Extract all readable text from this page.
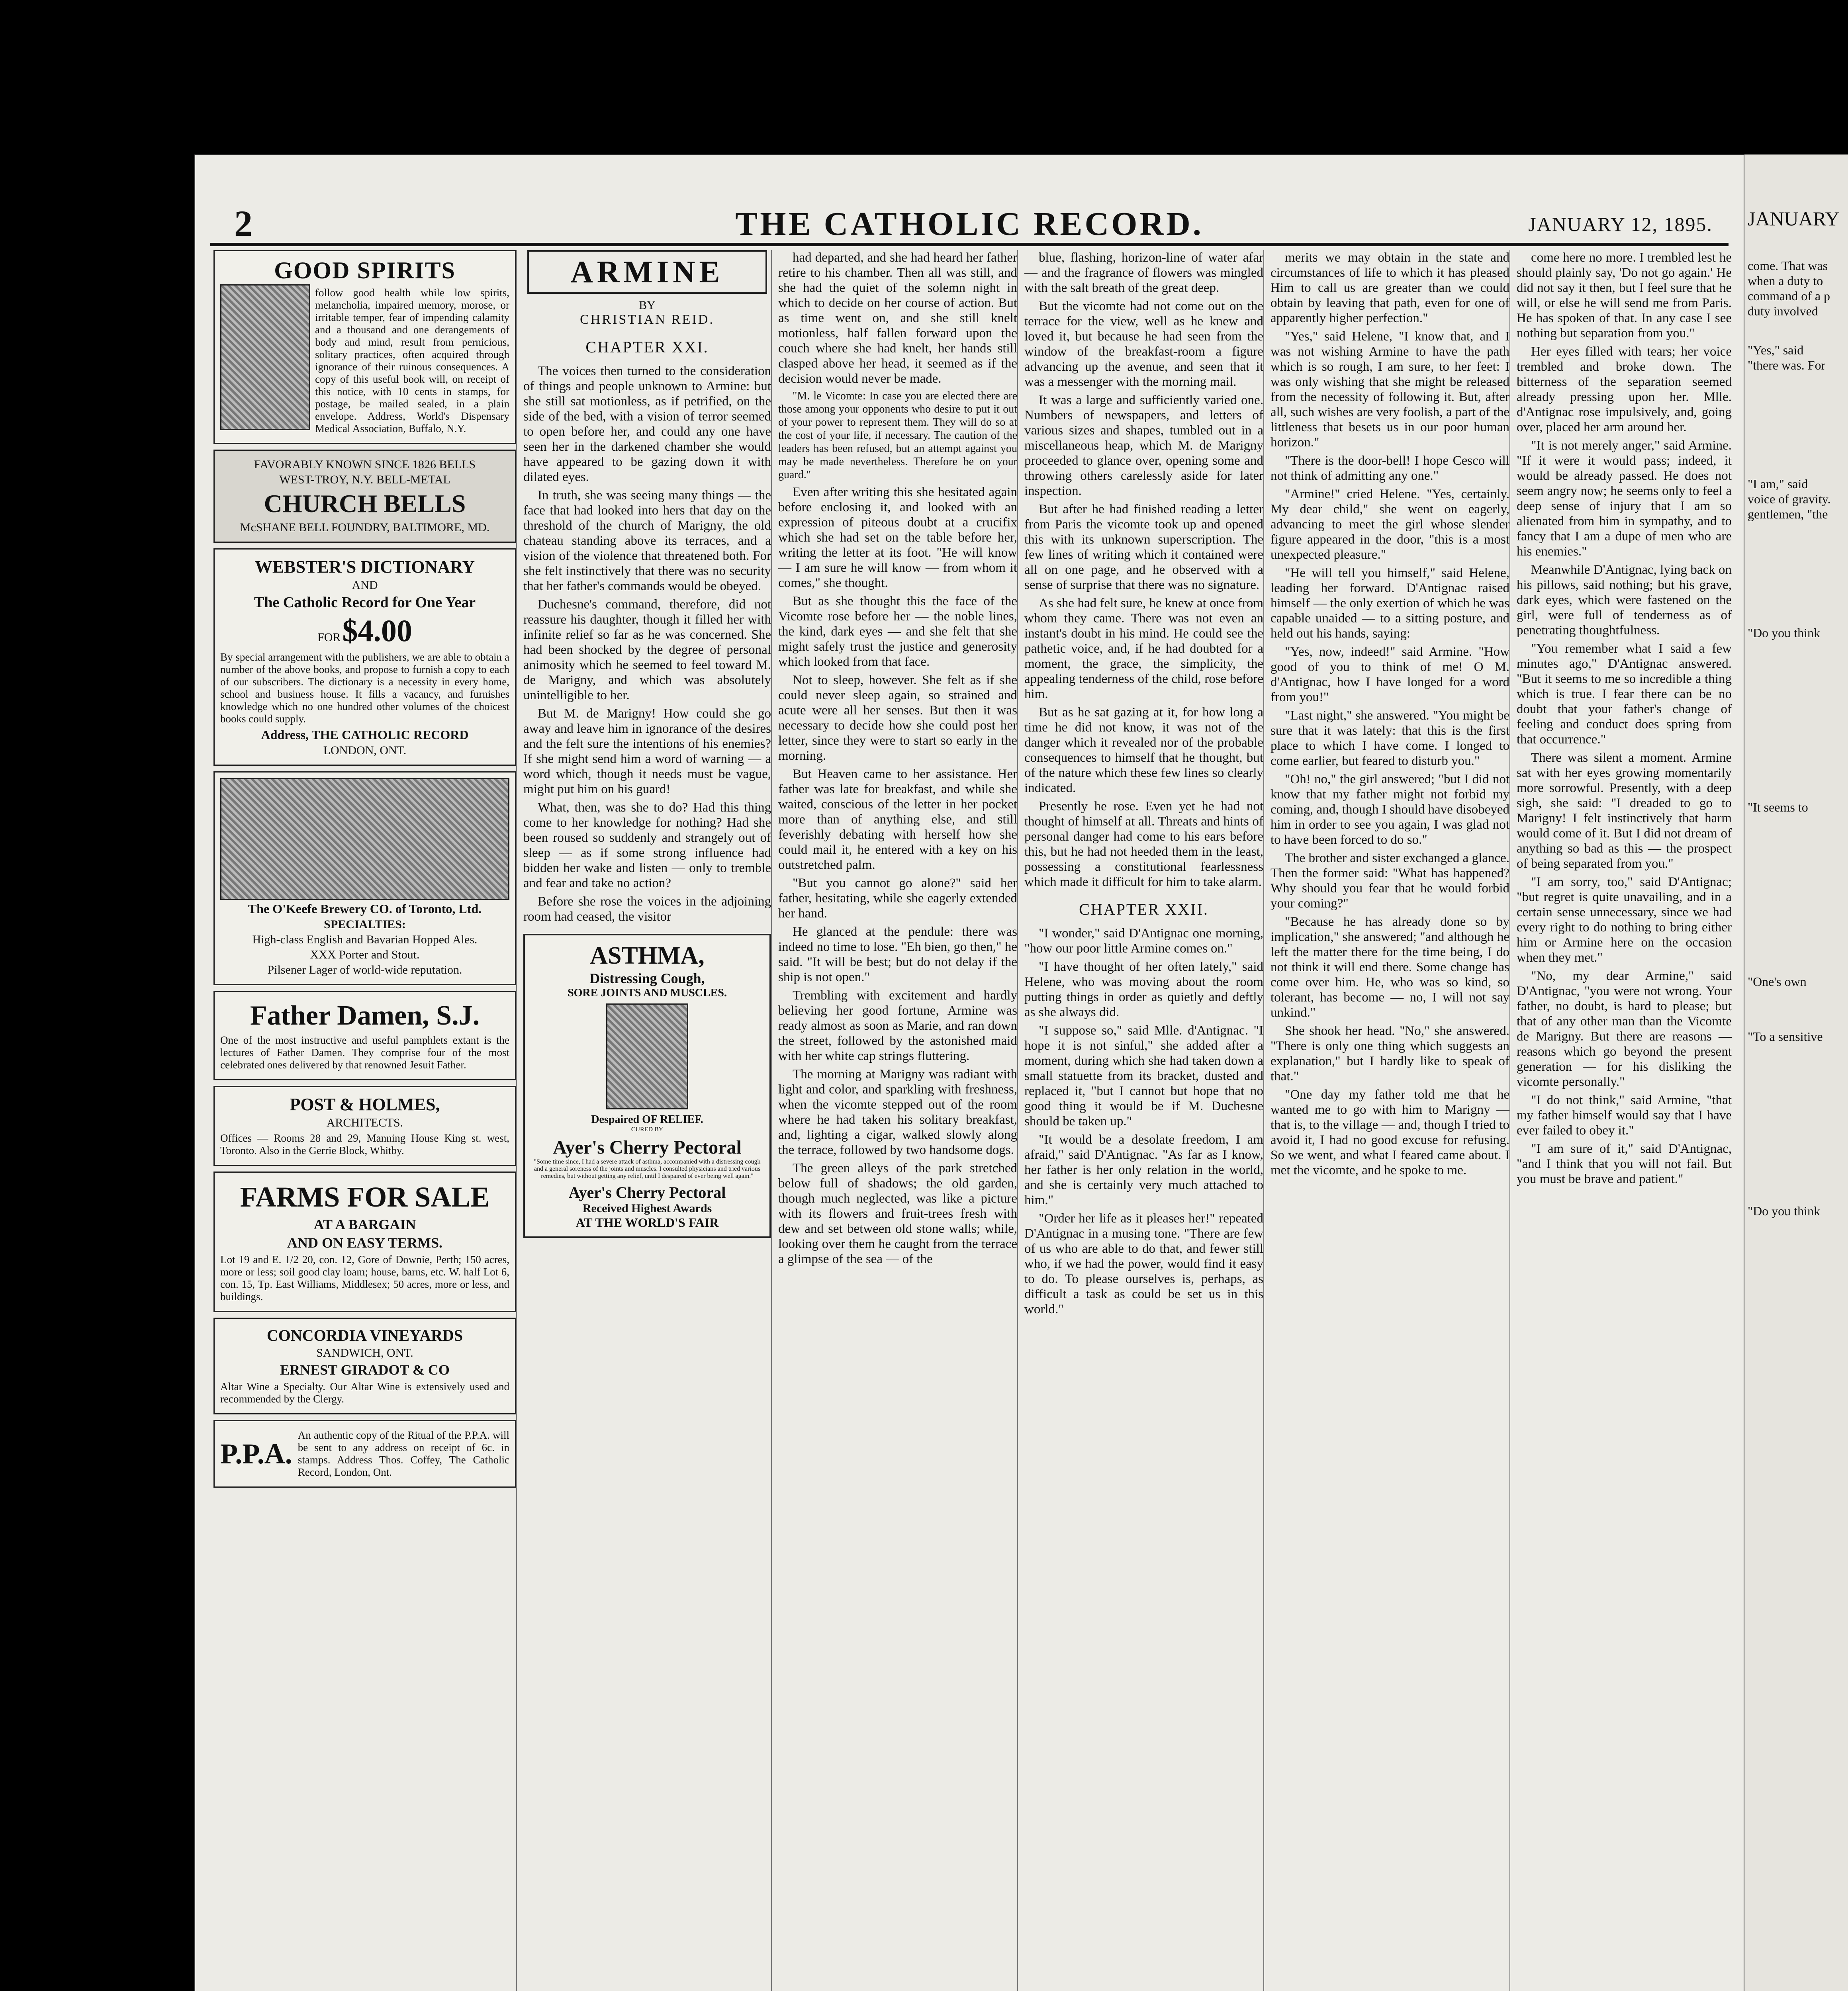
2	THE CATHOLIC RECORD.	JANUARY 12, 1895.
GOOD SPIRITS
follow good health while low spirits, melancholia, impaired memory, morose, or irritable temper, fear of impending calamity and a thousand and one derangements of body and mind, result from pernicious, solitary practices, often acquired through ignorance of their ruinous consequences. A copy of this useful book will, on receipt of this notice, with 10 cents in stamps, for postage, be mailed sealed, in a plain envelope. Address, World's Dispensary Medical Association, Buffalo, N.Y.
FAVORABLY KNOWN SINCE 1826 BELLS
WEST-TROY, N.Y. BELL-METAL
CHURCH BELLS
McSHANE BELL FOUNDRY, BALTIMORE, MD.
WEBSTER'S DICTIONARY
AND
The Catholic Record for One Year
FOR $4.00
By special arrangement with the publishers, we are able to obtain a number of the above books, and propose to furnish a copy to each of our subscribers. The dictionary is a necessity in every home, school and business house. It fills a vacancy, and furnishes knowledge which no one hundred other volumes of the choicest books could supply.
Address, THE CATHOLIC RECORD
LONDON, ONT.
The O'Keefe Brewery CO. of Toronto, Ltd.
SPECIALTIES:
High-class English and Bavarian Hopped Ales.
XXX Porter and Stout.
Pilsener Lager of world-wide reputation.
Father Damen, S.J.
One of the most instructive and useful pamphlets extant is the lectures of Father Damen. They comprise four of the most celebrated ones delivered by that renowned Jesuit Father.
POST & HOLMES,
ARCHITECTS.
Offices — Rooms 28 and 29, Manning House King st. west, Toronto. Also in the Gerrie Block, Whitby.
FARMS FOR SALE
AT A BARGAIN
AND ON EASY TERMS.
Lot 19 and E. 1/2 20, con. 12, Gore of Downie, Perth; 150 acres, more or less; soil good clay loam; house, barns, etc. W. half Lot 6, con. 15, Tp. East Williams, Middlesex; 50 acres, more or less, and buildings.
CONCORDIA VINEYARDS
SANDWICH, ONT.
ERNEST GIRADOT & CO
Altar Wine a Specialty. Our Altar Wine is extensively used and recommended by the Clergy.
P.P.A.
An authentic copy of the Ritual of the P.P.A. will be sent to any address on receipt of 6c. in stamps. Address Thos. Coffey, The Catholic Record, London, Ont.
ARMINE
BY
CHRISTIAN REID.
CHAPTER XXI.

The voices then turned to the consideration of things and people unknown to Armine: but she still sat motionless, as if petrified, on the side of the bed, with a vision of terror seemed to open before her, and could any one have seen her in the darkened chamber she would have appeared to be gazing down it with dilated eyes.

In truth, she was seeing many things — the face that had looked into hers that day on the threshold of the church of Marigny, the old chateau standing above its terraces, and a vision of the violence that threatened both. For she felt instinctively that there was no security that her father's commands would be obeyed.

Duchesne's command, therefore, did not reassure his daughter, though it filled her with infinite relief so far as he was concerned. She had been shocked by the degree of personal animosity which he seemed to feel toward M. de Marigny, and which was absolutely unintelligible to her.

But M. de Marigny! How could she go away and leave him in ignorance of the desires and the felt sure the intentions of his enemies? If she might send him a word of warning — a word which, though it needs must be vague, might put him on his guard!

What, then, was she to do? Had this thing come to her knowledge for nothing? Had she been roused so suddenly and strangely out of sleep — as if some strong influence had bidden her wake and listen — only to tremble and fear and take no action?

Before she rose the voices in the adjoining room had ceased, the visitor

ASTHMA,
Distressing Cough,
SORE JOINTS AND MUSCLES.
Despaired OF RELIEF.
CURED BY
Ayer's Cherry Pectoral
"Some time since, I had a severe attack of asthma, accompanied with a distressing cough and a general soreness of the joints and muscles. I consulted physicians and tried various remedies, but without getting any relief, until I despaired of ever being well again."
Ayer's Cherry Pectoral
Received Highest Awards
AT THE WORLD'S FAIR

had departed, and she had heard her father retire to his chamber. Then all was still, and she had the quiet of the solemn night in which to decide on her course of action. But as time went on, and she still knelt motionless, half fallen forward upon the couch where she had knelt, her hands still clasped above her head, it seemed as if the decision would never be made.

"M. le Vicomte: In case you are elected there are those among your opponents who desire to put it out of your power to represent them. They will do so at the cost of your life, if necessary. The caution of the leaders has been refused, but an attempt against you may be made nevertheless. Therefore be on your guard."

Even after writing this she hesitated again before enclosing it, and looked with an expression of piteous doubt at a crucifix which she had set on the table before her, writing the letter at its foot. "He will know — I am sure he will know — from whom it comes," she thought.

But as she thought this the face of the Vicomte rose before her — the noble lines, the kind, dark eyes — and she felt that she might safely trust the justice and generosity which looked from that face.

Not to sleep, however. She felt as if she could never sleep again, so strained and acute were all her senses. But then it was necessary to decide how she could post her letter, since they were to start so early in the morning.

But Heaven came to her assistance. Her father was late for breakfast, and while she waited, conscious of the letter in her pocket more than of anything else, and still feverishly debating with herself how she could mail it, he entered with a key on his outstretched palm.

"But you cannot go alone?" said her father, hesitating, while she eagerly extended her hand.

He glanced at the pendule: there was indeed no time to lose. "Eh bien, go then," he said. "It will be best; but do not delay if the ship is not open."

Trembling with excitement and hardly believing her good fortune, Armine was ready almost as soon as Marie, and ran down the street, followed by the astonished maid with her white cap strings fluttering.

The morning at Marigny was radiant with light and color, and sparkling with freshness, when the vicomte stepped out of the room where he had taken his solitary breakfast, and, lighting a cigar, walked slowly along the terrace, followed by two handsome dogs.

The green alleys of the park stretched below full of shadows; the old garden, though much neglected, was like a picture with its flowers and fruit-trees fresh with dew and set between old stone walls; while, looking over them he caught from the terrace a glimpse of the sea — of the

blue, flashing, horizon-line of water afar — and the fragrance of flowers was mingled with the salt breath of the great deep.

But the vicomte had not come out on the terrace for the view, well as he knew and loved it, but because he had seen from the window of the breakfast-room a figure advancing up the avenue, and seen that it was a messenger with the morning mail.

It was a large and sufficiently varied one. Numbers of newspapers, and letters of various sizes and shapes, tumbled out in a miscellaneous heap, which M. de Marigny proceeded to glance over, opening some and throwing others carelessly aside for later inspection.

But after he had finished reading a letter from Paris the vicomte took up and opened this with its unknown superscription. The few lines of writing which it contained were all on one page, and he observed with a sense of surprise that there was no signature.

As she had felt sure, he knew at once from whom they came. There was not even an instant's doubt in his mind. He could see the pathetic voice, and, if he had doubted for a moment, the grace, the simplicity, the appealing tenderness of the child, rose before him.

But as he sat gazing at it, for how long a time he did not know, it was not of the danger which it revealed nor of the probable consequences to himself that he thought, but of the nature which these few lines so clearly indicated.

Presently he rose. Even yet he had not thought of himself at all. Threats and hints of personal danger had come to his ears before this, but he had not heeded them in the least, possessing a constitutional fearlessness which made it difficult for him to take alarm.

CHAPTER XXII.

"I wonder," said D'Antignac one morning, "how our poor little Armine comes on."

"I have thought of her often lately," said Helene, who was moving about the room putting things in order as quietly and deftly as she always did.

"I suppose so," said Mlle. d'Antignac. "I hope it is not sinful," she added after a moment, during which she had taken down a small statuette from its bracket, dusted and replaced it, "but I cannot but hope that no good thing it would be if M. Duchesne should be taken up."

"It would be a desolate freedom, I am afraid," said D'Antignac. "As far as I know, her father is her only relation in the world, and she is certainly very much attached to him."

"Order her life as it pleases her!" repeated D'Antignac in a musing tone. "There are few of us who are able to do that, and fewer still who, if we had the power, would find it easy to do. To please ourselves is, perhaps, as difficult a task as could be set us in this world."

merits we may obtain in the state and circumstances of life to which it has pleased Him to call us are greater than we could obtain by leaving that path, even for one of apparently higher perfection."

"Yes," said Helene, "I know that, and I was not wishing Armine to have the path which is so rough, I am sure, to her feet: I was only wishing that she might be released from the necessity of following it. But, after all, such wishes are very foolish, a part of the littleness that besets us in our poor human horizon."

"There is the door-bell! I hope Cesco will not think of admitting any one."

"Armine!" cried Helene. "Yes, certainly. My dear child," she went on eagerly, advancing to meet the girl whose slender figure appeared in the door, "this is a most unexpected pleasure."

"He will tell you himself," said Helene, leading her forward. D'Antignac raised himself — the only exertion of which he was capable unaided — to a sitting posture, and held out his hands, saying:

"Yes, now, indeed!" said Armine. "How good of you to think of me! O M. d'Antignac, how I have longed for a word from you!"

"Last night," she answered. "You might be sure that it was lately: that this is the first place to which I have come. I longed to come earlier, but feared to disturb you."

"Oh! no," the girl answered; "but I did not know that my father might not forbid my coming, and, though I should have disobeyed him in order to see you again, I was glad not to have been forced to do so."

The brother and sister exchanged a glance. Then the former said: "What has happened? Why should you fear that he would forbid your coming?"

"Because he has already done so by implication," she answered; "and although he left the matter there for the time being, I do not think it will end there. Some change has come over him. He, who was so kind, so tolerant, has become — no, I will not say unkind."

She shook her head. "No," she answered. "There is only one thing which suggests an explanation," but I hardly like to speak of that."

"One day my father told me that he wanted me to go with him to Marigny — that is, to the village — and, though I tried to avoid it, I had no good excuse for refusing. So we went, and what I feared came about. I met the vicomte, and he spoke to me.

come here no more. I trembled lest he should plainly say, 'Do not go again.' He did not say it then, but I feel sure that he will, or else he will send me from Paris. He has spoken of that. In any case I see nothing but separation from you."

Her eyes filled with tears; her voice trembled and broke down. The bitterness of the separation seemed already pressing upon her. Mlle. d'Antignac rose impulsively, and, going over, placed her arm around her.

"It is not merely anger," said Armine. "If it were it would pass; indeed, it would be already passed. He does not seem angry now; he seems only to feel a deep sense of injury that I am so alienated from him in sympathy, and to fancy that I am a dupe of men who are his enemies."

Meanwhile D'Antignac, lying back on his pillows, said nothing; but his grave, dark eyes, which were fastened on the girl, were full of tenderness as of penetrating thoughtfulness.

"You remember what I said a few minutes ago," D'Antignac answered. "But it seems to me so incredible a thing which is true. I fear there can be no doubt that your father's change of feeling and conduct does spring from that occurrence."

There was silent a moment. Armine sat with her eyes growing momentarily more sorrowful. Presently, with a deep sigh, she said: "I dreaded to go to Marigny! I felt instinctively that harm would come of it. But I did not dream of anything so bad as this — the prospect of being separated from you."

"I am sorry, too," said D'Antignac; "but regret is quite unavailing, and in a certain sense unnecessary, since we had every right to do nothing to bring either him or Armine here on the occasion when they met."

"No, my dear Armine," said D'Antignac, "you were not wrong. Your father, no doubt, is hard to please; but that of any other man than the Vicomte de Marigny. But there are reasons — reasons which go beyond the present generation — for his disliking the vicomte personally."

"I do not think," said Armine, "that my father himself would say that I have ever failed to obey it."

"I am sure of it," said D'Antignac, "and I think that you will not fail. But you must be brave and patient."

JANUARY
come. That was
when a duty to
command of a p
duty involved
"Yes," said
"there was. For
"I am," said
voice of gravity.
gentlemen, "the
"Do you think
"It seems to
"One's own
"To a sensitive
"Do you think
